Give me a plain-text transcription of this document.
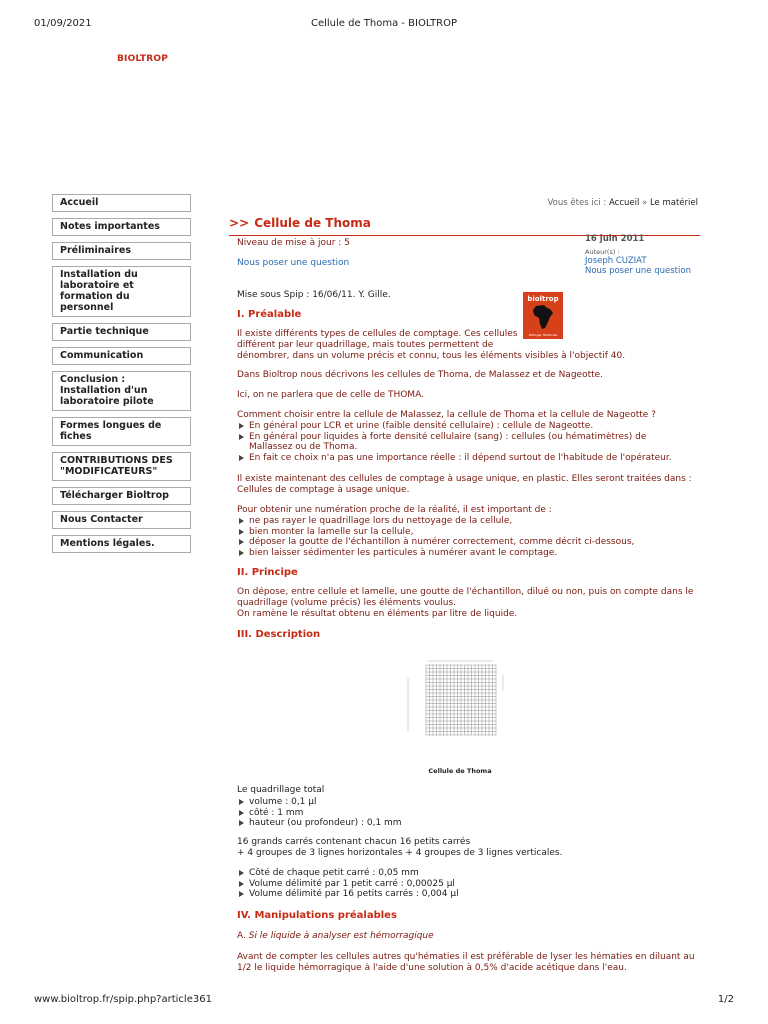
01/09/2021	Cellule de Thoma - BIOLTROP
BIOLTROP
Accueil
Notes importantes
Préliminaires
Installation du laboratoire et formation du personnel
Partie technique
Communication
Conclusion : Installation d'un laboratoire pilote
Formes longues de fiches
CONTRIBUTIONS DES "MODIFICATEURS"
Télécharger Bioltrop
Nous Contacter
Mentions légales.
Vous êtes ici : Accueil » Le matériel
>> Cellule de Thoma
Niveau de mise à jour : 5
Nous poser une question
16 juin 2011
Auteur(s) :
Joseph CUZIAT
Nous poser une question
Mise sous Spip : 16/06/11. Y. Gille.	bioltrop
BIOlogie TROPicale
I. Préalable
Il existe différents types de cellules de comptage. Ces cellules
différent par leur quadrillage, mais toutes permettent de
dénombrer, dans un volume précis et connu, tous les éléments visibles à l'objectif 40.
Dans Bioltrop nous décrivons les cellules de Thoma, de Malassez et de Nageotte.
Ici, on ne parlera que de celle de THOMA.
Comment choisir entre la cellule de Malassez, la cellule de Thoma et la cellule de Nageotte ?
En général pour LCR et urine (faible densité cellulaire) : cellule de Nageotte.
En général pour liquides à forte densité cellulaire (sang) : cellules (ou hématimètres) de Mallassez ou de Thoma.
En fait ce choix n'a pas une importance réelle : il dépend surtout de l'habitude de l'opérateur.
Il existe maintenant des cellules de comptage à usage unique, en plastic. Elles seront traitées dans :
Cellules de comptage à usage unique.
Pour obtenir une numération proche de la réalité, il est important de :
ne pas rayer le quadrillage lors du nettoyage de la cellule,
bien monter la lamelle sur la cellule,
déposer la goutte de l'échantillon à numérer correctement, comme décrit ci-dessous,
bien laisser sédimenter les particules à numérer avant le comptage.
II. Principe
On dépose, entre cellule et lamelle, une goutte de l'échantillon, dilué ou non, puis on compte dans le
quadrillage (volume précis) les éléments voulus.
On ramène le résultat obtenu en éléments par litre de liquide.
III. Description
Cellule de Thoma
Le quadrillage total
volume : 0,1 µl
côté : 1 mm
hauteur (ou profondeur) : 0,1 mm
16 grands carrés contenant chacun 16 petits carrés
+ 4 groupes de 3 lignes horizontales + 4 groupes de 3 lignes verticales.
Côté de chaque petit carré : 0,05 mm
Volume délimité par 1 petit carré : 0,00025 µl
Volume délimité par 16 petits carrés : 0,004 µl
IV. Manipulations préalables
A. Si le liquide à analyser est hémorragique
Avant de compter les cellules autres qu'hématies il est préférable de lyser les hématies en diluant au
1/2 le liquide hémorragique à l'aide d'une solution à 0,5% d'acide acétique dans l'eau.
www.bioltrop.fr/spip.php?article361	1/2
